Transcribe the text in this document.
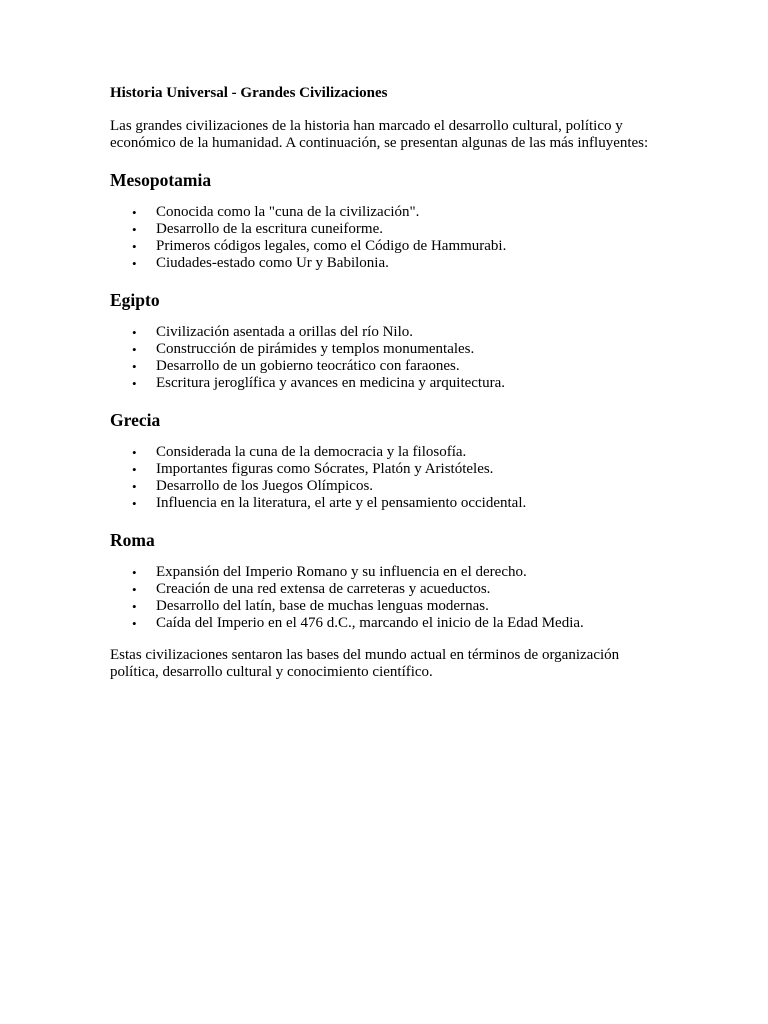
Historia Universal - Grandes Civilizaciones

Las grandes civilizaciones de la historia han marcado el desarrollo cultural, político y económico de la humanidad. A continuación, se presentan algunas de las más influyentes:

Mesopotamia
• Conocida como la "cuna de la civilización".
• Desarrollo de la escritura cuneiforme.
• Primeros códigos legales, como el Código de Hammurabi.
• Ciudades-estado como Ur y Babilonia.
Egipto
• Civilización asentada a orillas del río Nilo.
• Construcción de pirámides y templos monumentales.
• Desarrollo de un gobierno teocrático con faraones.
• Escritura jeroglífica y avances en medicina y arquitectura.
Grecia
• Considerada la cuna de la democracia y la filosofía.
• Importantes figuras como Sócrates, Platón y Aristóteles.
• Desarrollo de los Juegos Olímpicos.
• Influencia en la literatura, el arte y el pensamiento occidental.
Roma
• Expansión del Imperio Romano y su influencia en el derecho.
• Creación de una red extensa de carreteras y acueductos.
• Desarrollo del latín, base de muchas lenguas modernas.
• Caída del Imperio en el 476 d.C., marcando el inicio de la Edad Media.

Estas civilizaciones sentaron las bases del mundo actual en términos de organización política, desarrollo cultural y conocimiento científico.
